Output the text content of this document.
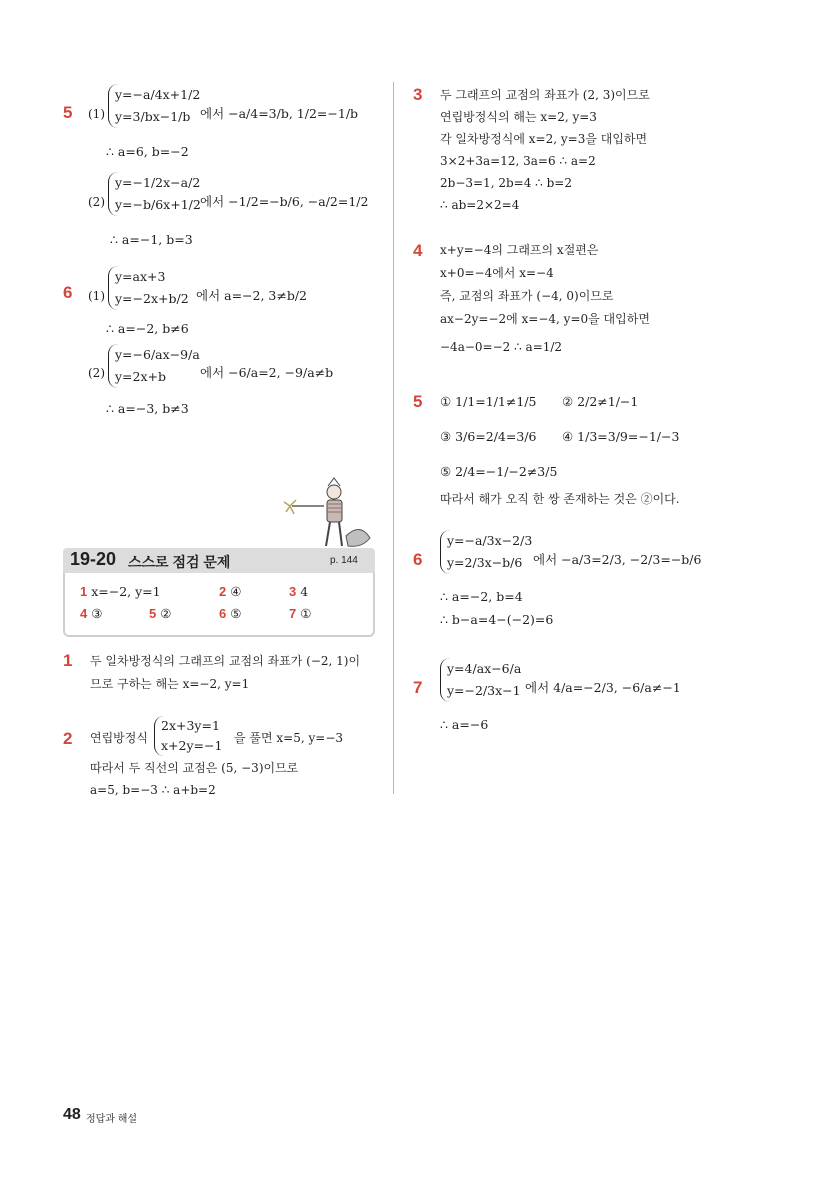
5 (1)
y=−a/4x+1/2
y=3/bx−1/b 에서 −a/4=3/b, 1/2=−1/b
∴ a=6, b=−2
(2)
y=−1/2x−a/2
y=−b/6x+1/2 에서 −1/2=−b/6, −a/2=1/2
∴ a=−1, b=3
6 (1)
y=ax+3
y=−2x+b/2 에서 a=−2, 3≠b/2
∴ a=−2, b≠6
(2)
y=−6/ax−9/a
y=2x+b	에서 −6/a=2, −9/a≠b
∴ a=−3, b≠3
19-20 스스로 점검 문제	p. 144
1 x=−2, y=1	2 ④	3 4
4 ③	5 ②	6 ⑤	7 ①
1 두 일차방정식의 그래프의 교점의 좌표가 (−2, 1)이
므로 구하는 해는 x=−2, y=1
2 연립방정식
2x+3y=1
x+2y=−1 을 풀면 x=5, y=−3
따라서 두 직선의 교점은 (5, −3)이므로
a=5, b=−3 ∴ a+b=2
3 두 그래프의 교점의 좌표가 (2, 3)이므로
연립방정식의 해는 x=2, y=3
각 일차방정식에 x=2, y=3을 대입하면
3×2+3a=12, 3a=6 ∴ a=2
2b−3=1, 2b=4 ∴ b=2
∴ ab=2×2=4
4 x+y=−4의 그래프의 x절편은
x+0=−4에서 x=−4
즉, 교점의 좌표가 (−4, 0)이므로
ax−2y=−2에 x=−4, y=0을 대입하면
−4a−0=−2 ∴ a=1/2
5 ① 1/1=1/1≠1/5 ② 2/2≠1/−1
③ 3/6=2/4=3/6 ④ 1/3=3/9=−1/−3
⑤ 2/4=−1/−2≠3/5
따라서 해가 오직 한 쌍 존재하는 것은 ②이다.
6
y=−a/3x−2/3
y=2/3x−b/6 에서 −a/3=2/3, −2/3=−b/6
∴ a=−2, b=4
∴ b−a=4−(−2)=6
7
y=4/ax−6/a
y=−2/3x−1 에서 4/a=−2/3, −6/a≠−1
∴ a=−6
48 정답과 해설
